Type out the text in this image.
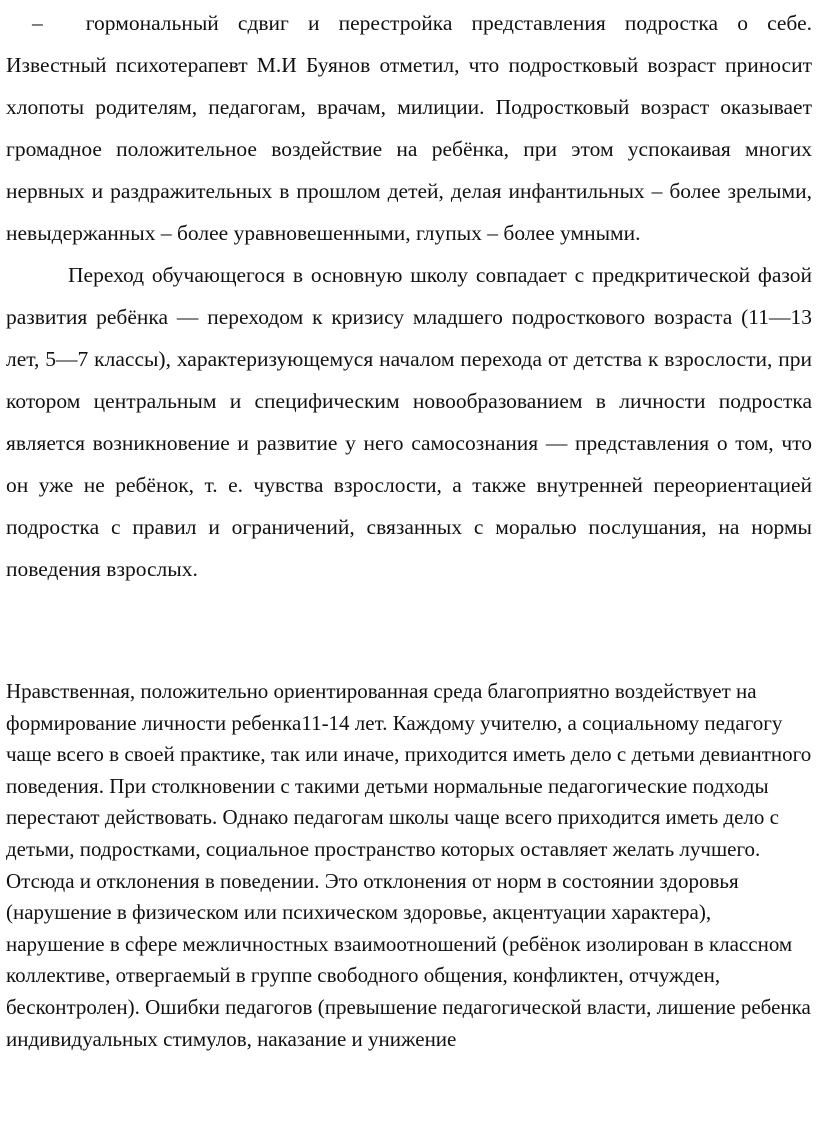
–  гормональный сдвиг и перестройка представления подростка о себе. Известный психотерапевт М.И Буянов отметил, что подростковый возраст приносит хлопоты родителям, педагогам, врачам, милиции. Подростковый возраст оказывает громадное положительное воздействие на ребёнка, при этом успокаивая многих нервных и раздражительных в прошлом детей, делая инфантильных – более зрелыми, невыдержанных – более уравновешенными, глупых – более умными.

Переход обучающегося в основную школу совпадает с предкритической фазой развития ребёнка — переходом к кризису младшего подросткового возраста (11—13 лет, 5—7 классы), характеризующемуся началом перехода от детства к взрослости, при котором центральным и специфическим новообразованием в личности подростка является возникновение и развитие у него самосознания — представления о том, что он уже не ребёнок, т. е. чувства взрослости, а также внутренней переориентацией подростка с правил и ограничений, связанных с моралью послушания, на нормы поведения взрослых.

Нравственная, положительно ориентированная среда благоприятно воздействует на формирование личности ребенка11-14 лет. Каждому учителю, а социальному педагогу чаще всего в своей практике, так или иначе, приходится иметь дело с детьми девиантного поведения. При столкновении с такими детьми нормальные педагогические подходы перестают действовать. Однако педагогам школы чаще всего приходится иметь дело с детьми, подростками, социальное пространство которых оставляет желать лучшего. Отсюда и отклонения в поведении. Это отклонения от норм в состоянии здоровья (нарушение в физическом или психическом здоровье, акцентуации характера), нарушение в сфере межличностных взаимоотношений (ребёнок изолирован в классном коллективе, отвергаемый в группе свободного общения, конфликтен, отчужден, бесконтролен). Ошибки педагогов (превышение педагогической власти, лишение ребенка индивидуальных стимулов, наказание и унижение
